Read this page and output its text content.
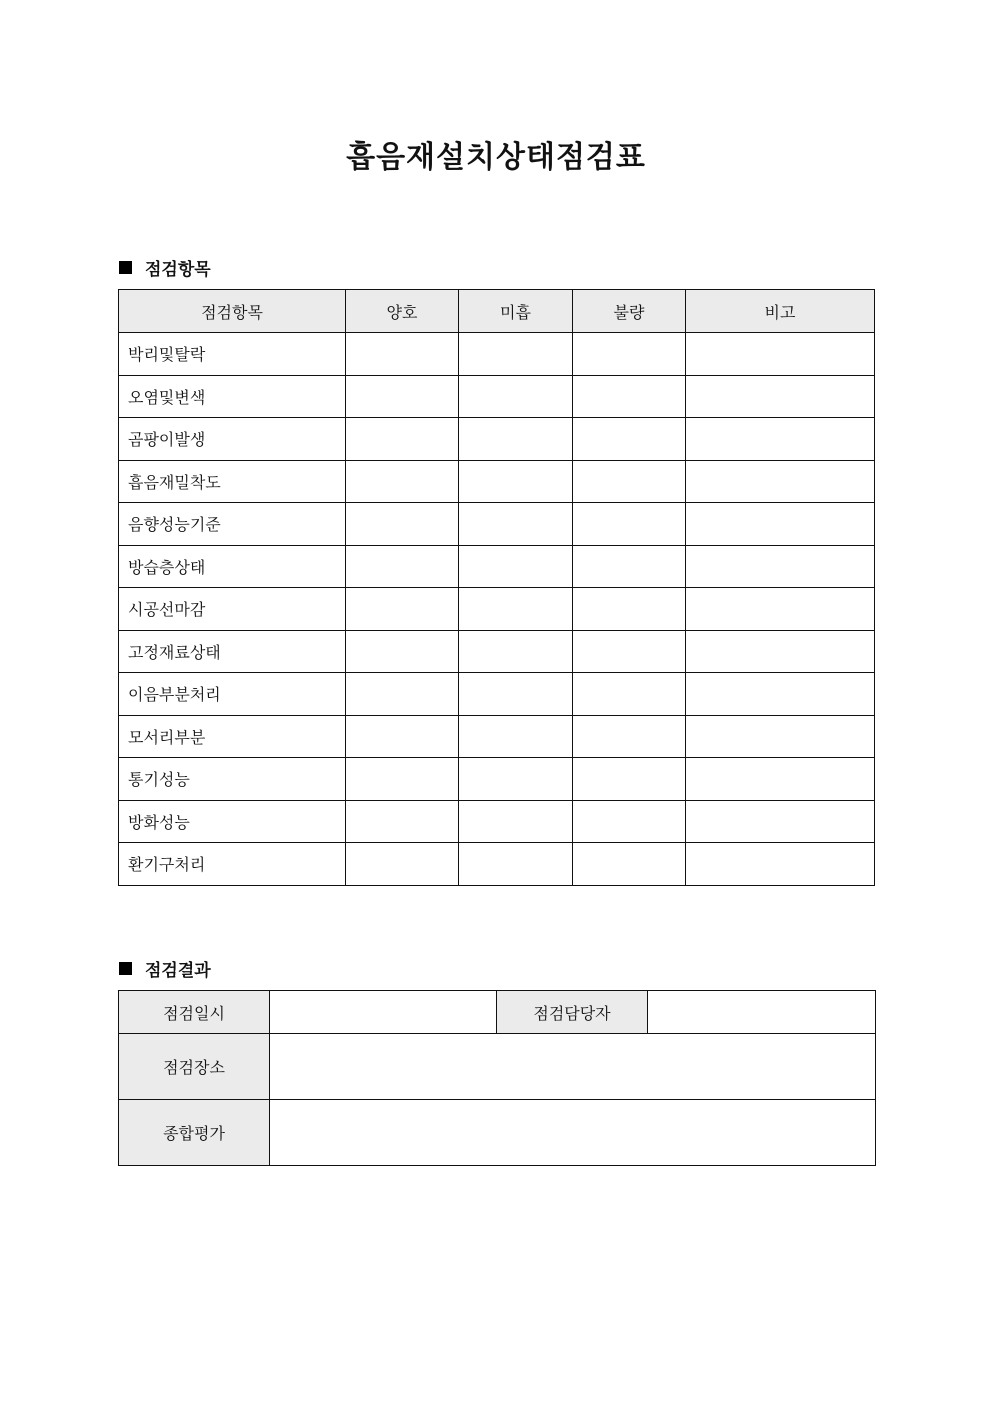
흡음재설치상태점검표
점검항목
점검항목	양호	미흡	불량	비고
박리및탈락				
오염및변색				
곰팡이발생				
흡음재밀착도				
음향성능기준				
방습층상태				
시공선마감				
고정재료상태				
이음부분처리				
모서리부분				
통기성능				
방화성능				
환기구처리				
점검결과
점검일시		점검담당자	
점검장소			
종합평가			
